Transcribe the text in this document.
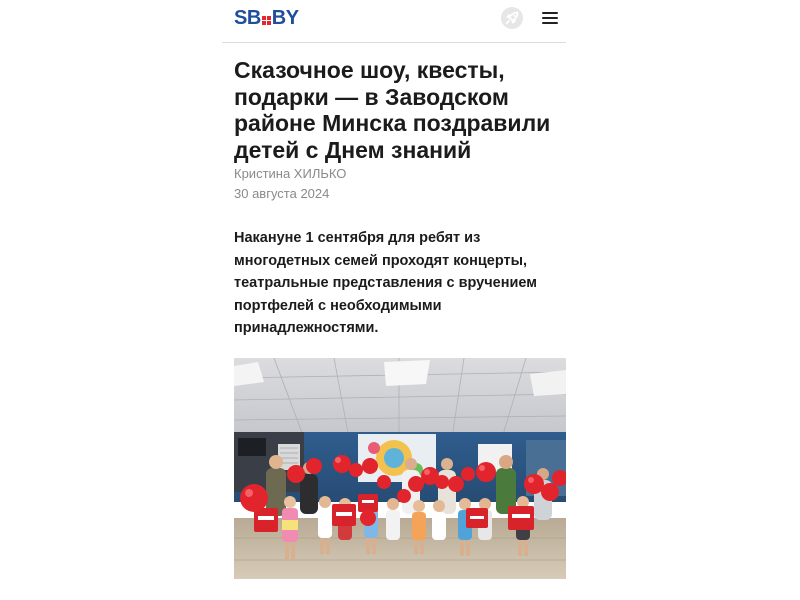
SB BY
Сказочное шоу, квесты, подарки — в Заводском районе Минска поздравили детей с Днем знаний
Кристина ХИЛЬКО
30 августа 2024

Накануне 1 сентября для ребят из многодетных семей проходят концерты, театральные представления с вручением портфелей с необходимыми принадлежностями.
